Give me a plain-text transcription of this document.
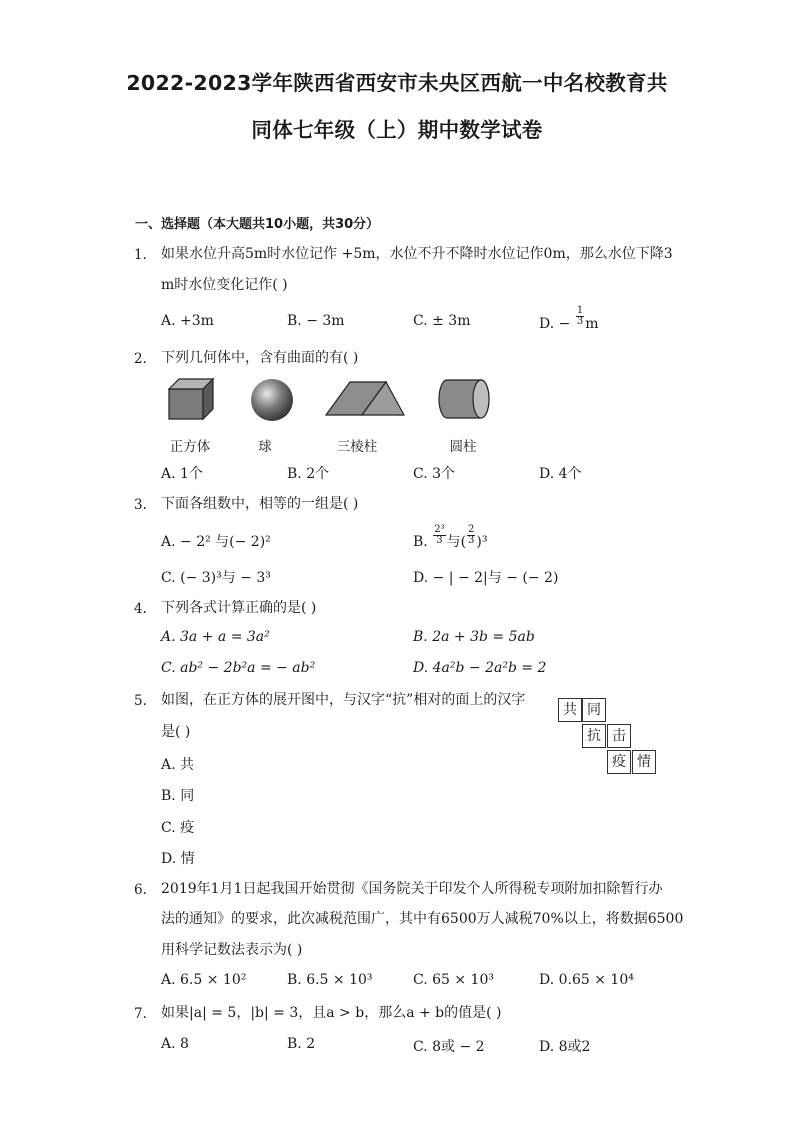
2022-2023学年陕西省西安市未央区西航一中名校教育共
同体七年级（上）期中数学试卷
一、选择题（本大题共10小题，共30分）
1. 如果水位升高5m时水位记作 +5m，水位不升不降时水位记作0m，那么水位下降3
m时水位变化记作( )
A. +3m	B. − 3m	C. ± 3m	D. − $\frac{1}{3}$ m
2. 下列几何体中，含有曲面的有( )
正方体	球	三棱柱	圆柱
A. 1个	B. 2个	C. 3个	D. 4个
3. 下面各组数中，相等的一组是( )
A. − 2² 与(− 2)²	B. $\frac{\text{2³}}{3}$ 与( $\frac{2}{3} )^3$
C. (− 3)³与 − 3³	D. − | − 2|与 − (− 2)
4. 下列各式计算正确的是( )
A. 3a + a = 3a²	B. 2a + 3b = 5ab
C. ab² − 2b²a = − ab²	D. 4a²b − 2a²b = 2
5. 如图，在正方体的展开图中，与汉字“抗”相对的面上的汉字
是( )
A. 共
B. 同
C. 疫
D. 情
共 同
抗 击
疫 情
6. 2019年1月1日起我国开始贯彻《国务院关于印发个人所得税专项附加扣除暂行办
法的通知》的要求，此次减税范围广，其中有6500万人减税70%以上，将数据6500
用科学记数法表示为( )
A. 6.5 × 10²	B. 6.5 × 10³	C. 65 × 10³	D. 0.65 × 10⁴
7. 如果|a| = 5，|b| = 3，且a > b，那么a + b的值是( )
A. 8	B. 2	C. 8或 − 2	D. 8或2
